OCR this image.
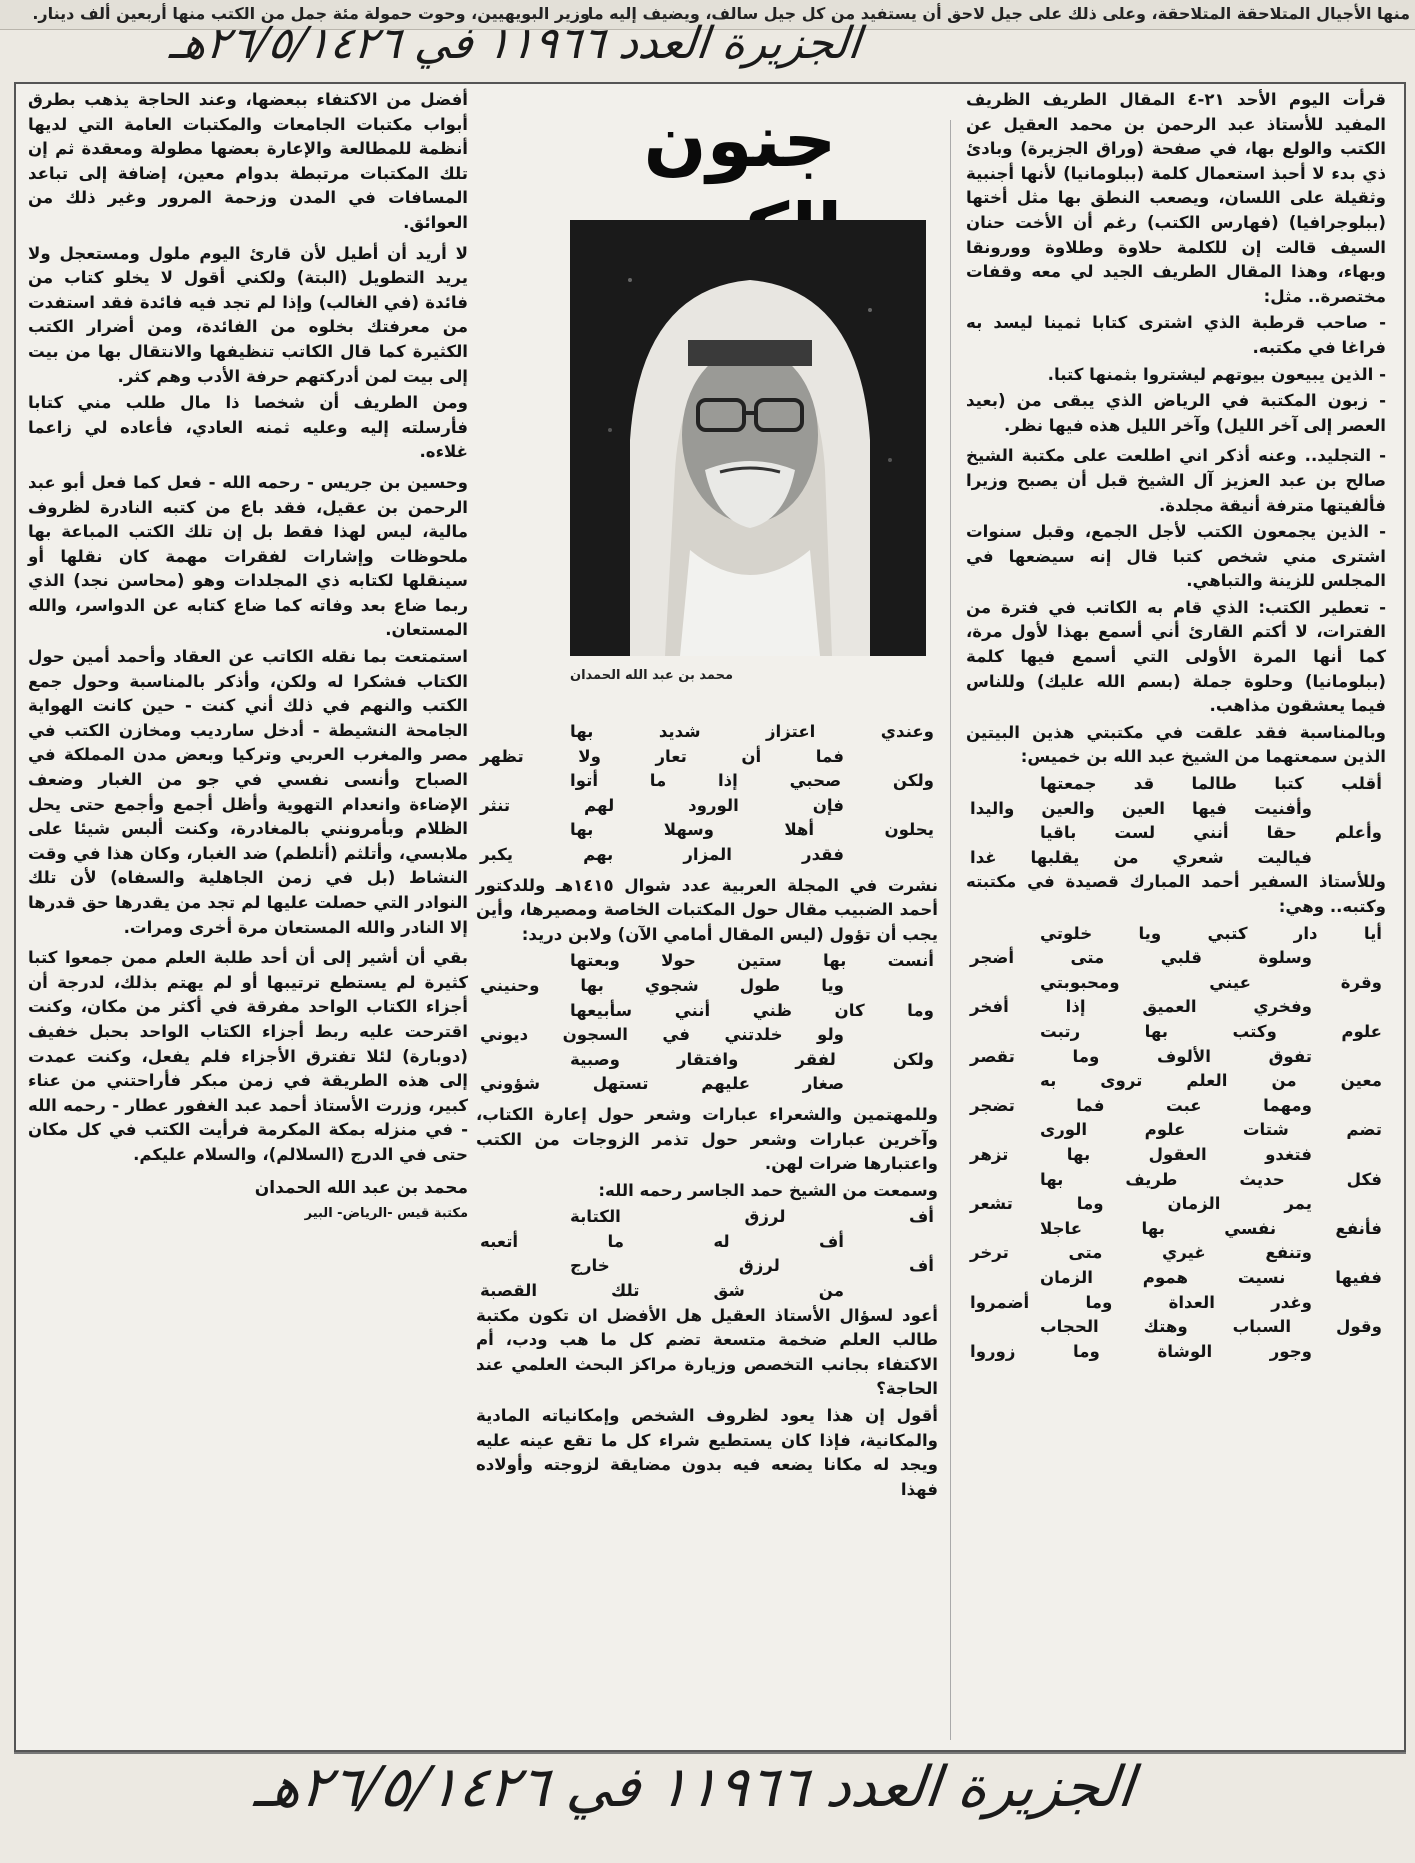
وزير البويهيين، وحوت حمولة مئة جمل من الكتب منها أربعين ألف دينار.
منها الأجيال المتلاحقة المتلاحقة، وعلى ذلك على جيل لاحق أن يستفيد من كل جيل سالف، ويضيف إليه ما
الجزيرة العدد ١١٩٦٦ في ٢٦/٥/١٤٢٦هـ
جنون
محمد بن عبد الله الحمدان

قرأت اليوم الأحد ٢١-٤ المقال الطريف الظريف المفيد للأستاذ عبد الرحمن بن محمد العقيل عن الكتب والولع بها، في صفحة (وراق الجزيرة) وبادئ ذي بدء لا أحبذ استعمال كلمة (ببلومانيا) لأنها أجنبية وثقيلة على اللسان، ويصعب النطق بها مثل أختها (ببلوجرافيا) (فهارس الكتب) رغم أن الأخت حنان السيف قالت إن للكلمة حلاوة وطلاوة وورونقا وبهاء، وهذا المقال الطريف الجيد لي معه وقفات مختصرة.. مثل:

- صاحب قرطبة الذي اشترى كتابا ثمينا ليسد به فراغا في مكتبه.

- الذين يبيعون بيوتهم ليشتروا بثمنها كتبا.

- زبون المكتبة في الرياض الذي يبقى من (بعيد العصر إلى آخر الليل) وآخر الليل هذه فيها نظر.

- التجليد.. وعنه أذكر اني اطلعت على مكتبة الشيخ صالح بن عبد العزيز آل الشيخ قبل أن يصبح وزيرا فألفيتها مترفة أنيقة مجلدة.

- الذين يجمعون الكتب لأجل الجمع، وقبل سنوات اشترى مني شخص كتبا قال إنه سيضعها في المجلس للزينة والتباهي.

- تعطير الكتب: الذي قام به الكاتب في فترة من الفترات، لا أكتم القارئ أني أسمع بهذا لأول مرة، كما أنها المرة الأولى التي أسمع فيها كلمة (ببلومانيا) وحلوة جملة (بسم الله عليك) وللناس فيما يعشقون مذاهب.

وبالمناسبة فقد علقت في مكتبتي هذين البيتين الذين سمعتهما من الشيخ عبد الله بن خميس:

أقلب كتبا طالما قد جمعتها
وأفنيت فيها العين والعين واليدا
وأعلم حقا أنني لست باقيا
فياليت شعري من يقلبها غدا

وللأستاذ السفير أحمد المبارك قصيدة في مكتبته وكتبه.. وهي:

أيا دار كتبي ويا خلوتي
وسلوة قلبي متى أضجر
وقرة عيني ومحبوبتي
وفخري العميق إذا أفخر
علوم وكتب بها رتبت
تفوق الألوف وما تقصر
معين من العلم تروى به
ومهما عبت فما تضجر
تضم شتات علوم الورى
فتغدو العقول بها تزهر
فكل حديث طريف بها
يمر الزمان وما تشعر
فأنفع نفسي بها عاجلا
وتنفع غيري متى ترخر
ففيها نسيت هموم الزمان
وغدر العداة وما أضمروا
وقول السباب وهتك الحجاب
وجور الوشاة وما زوروا
وعندي اعتزاز شديد بها
فما أن تعار ولا تظهر
ولكن صحبي إذا ما أتوا
فإن الورود لهم تنثر
يحلون أهلا وسهلا بها
فقدر المزار بهم يكبر

نشرت في المجلة العربية عدد شوال ١٤١٥هـ وللدكتور أحمد الضبيب مقال حول المكتبات الخاصة ومصيرها، وأين يجب أن تؤول (ليس المقال أمامي الآن) ولابن دريد:

أنست بها ستين حولا وبعتها
ويا طول شجوي بها وحنيني
وما كان ظني أنني سأبيعها
ولو خلدتني في السجون ديوني
ولكن لفقر وافتقار وصبية
صغار عليهم تستهل شؤوني

وللمهتمين والشعراء عبارات وشعر حول إعارة الكتاب، وآخرين عبارات وشعر حول تذمر الزوجات من الكتب واعتبارها ضرات لهن.

وسمعت من الشيخ حمد الجاسر رحمه الله:

أف لرزق الكتابة
أف له ما أتعبه
أف لرزق خارج
من شق تلك القصبة

أعود لسؤال الأستاذ العقيل هل الأفضل ان تكون مكتبة طالب العلم ضخمة متسعة تضم كل ما هب ودب، أم الاكتفاء بجانب التخصص وزيارة مراكز البحث العلمي عند الحاجة؟

أقول إن هذا يعود لظروف الشخص وإمكانياته المادية والمكانية، فإذا كان يستطيع شراء كل ما تقع عينه عليه ويجد له مكانا يضعه فيه بدون مضايقة لزوجته وأولاده فهذا

أفضل من الاكتفاء ببعضها، وعند الحاجة يذهب بطرق أبواب مكتبات الجامعات والمكتبات العامة التي لديها أنظمة للمطالعة والإعارة بعضها مطولة ومعقدة ثم إن تلك المكتبات مرتبطة بدوام معين، إضافة إلى تباعد المسافات في المدن وزحمة المرور وغير ذلك من العوائق.

لا أريد أن أطيل لأن قارئ اليوم ملول ومستعجل ولا يريد التطويل (البتة) ولكني أقول لا يخلو كتاب من فائدة (في الغالب) وإذا لم تجد فيه فائدة فقد استفدت من معرفتك بخلوه من الفائدة، ومن أضرار الكتب الكثيرة كما قال الكاتب تنظيفها والانتقال بها من بيت إلى بيت لمن أدركتهم حرفة الأدب وهم كثر.

ومن الطريف أن شخصا ذا مال طلب مني كتابا فأرسلته إليه وعليه ثمنه العادي، فأعاده لي زاعما غلاءه.

وحسين بن جريس - رحمه الله - فعل كما فعل أبو عبد الرحمن بن عقيل، فقد باع من كتبه النادرة لظروف مالية، ليس لهذا فقط بل إن تلك الكتب المباعة بها ملحوظات وإشارات لفقرات مهمة كان نقلها أو سينقلها لكتابه ذي المجلدات وهو (محاسن نجد) الذي ربما ضاع بعد وفاته كما ضاع كتابه عن الدواسر، والله المستعان.

استمتعت بما نقله الكاتب عن العقاد وأحمد أمين حول الكتاب فشكرا له ولكن، وأذكر بالمناسبة وحول جمع الكتب والنهم في ذلك أني كنت - حين كانت الهواية الجامحة النشيطة - أدخل سارديب ومخازن الكتب في مصر والمغرب العربي وتركيا وبعض مدن المملكة في الصباح وأنسى نفسي في جو من الغبار وضعف الإضاءة وانعدام التهوية وأظل أجمع وأجمع حتى يحل الظلام وبأمرونني بالمغادرة، وكنت ألبس شيئا على ملابسي، وأتلثم (أتلطم) ضد الغبار، وكان هذا في وقت النشاط (بل في زمن الجاهلية والسفاه) لأن تلك النوادر التي حصلت عليها لم تجد من يقدرها حق قدرها إلا النادر والله المستعان مرة أخرى ومرات.

بقي أن أشير إلى أن أحد طلبة العلم ممن جمعوا كتبا كثيرة لم يستطع ترتيبها أو لم يهتم بذلك، لدرجة أن أجزاء الكتاب الواحد مفرقة في أكثر من مكان، وكنت اقترحت عليه ربط أجزاء الكتاب الواحد بحبل خفيف (دوبارة) لئلا تفترق الأجزاء فلم يفعل، وكنت عمدت إلى هذه الطريقة في زمن مبكر فأراحتني من عناء كبير، وزرت الأستاذ أحمد عبد الغفور عطار - رحمه الله - في منزله بمكة المكرمة فرأيت الكتب في كل مكان حتى في الدرج (السلالم)، والسلام عليكم.

محمد بن عبد الله الحمدان

مكتبة قيس -الرياض- البير

الجزيرة العدد ١١٩٦٦ في ٢٦/٥/١٤٢٦هـ
